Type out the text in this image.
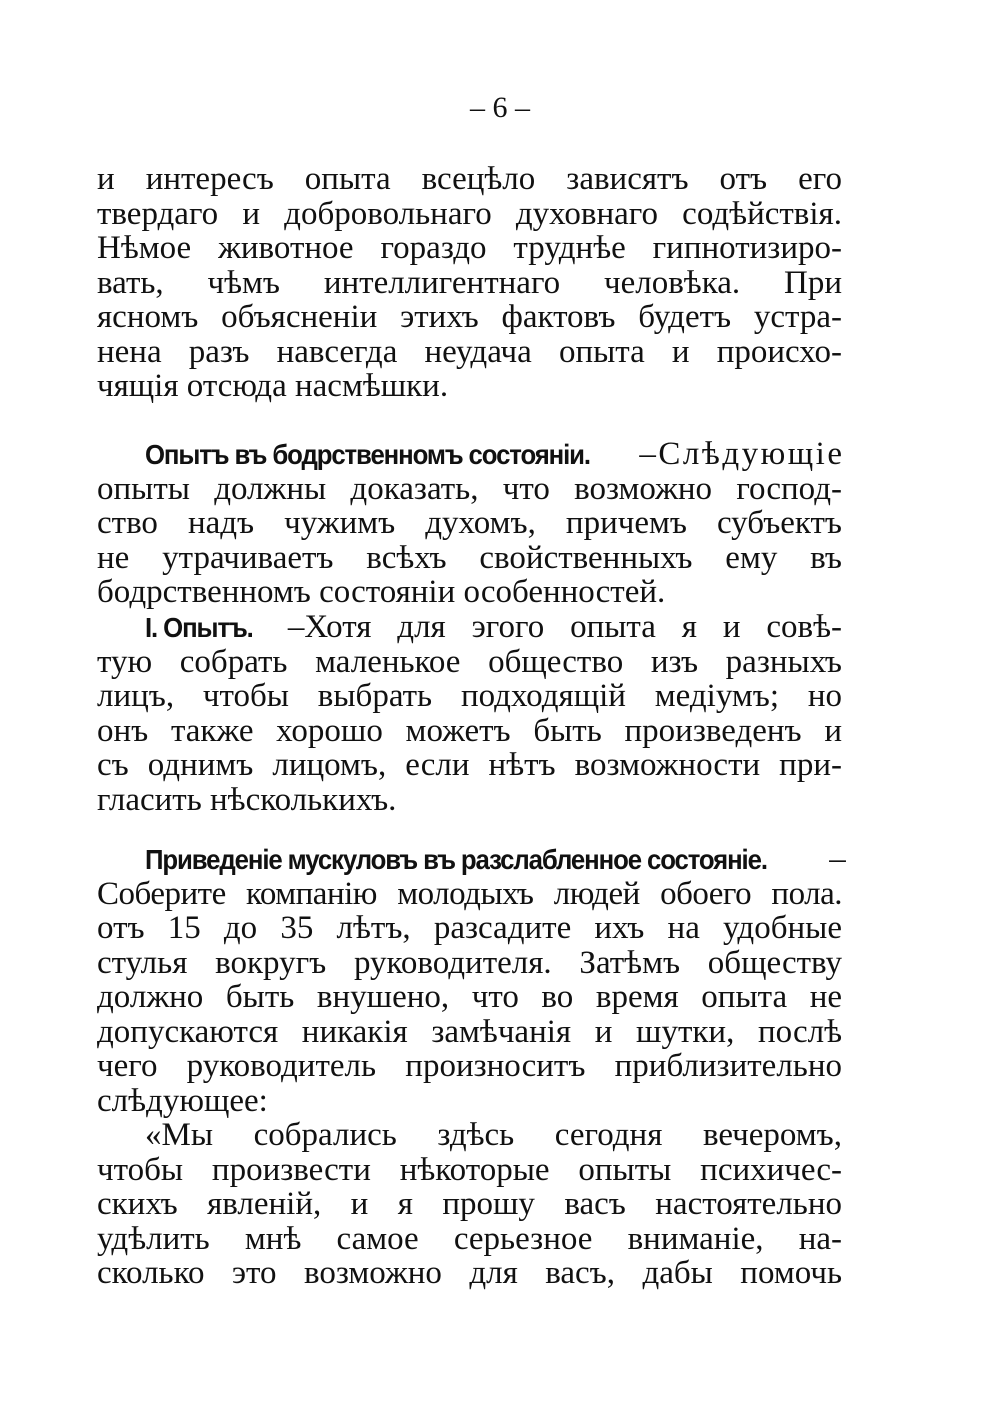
– 6 –
и интересъ опыта всецѣло зависятъ отъ его
твердаго и добровольнаго духовнаго содѣйствія.
Нѣмое животное гораздо труднѣе гипнотизиро-
вать, чѣмъ интеллигентнаго человѣка. При
ясномъ объясненіи этихъ фактовъ будетъ устра-
нена разъ навсегда неудача опыта и происхо-
чящія отсюда насмѣшки.
Опытъ въ бодрственномъ состояніи. –Слѣдующіе
опыты должны доказать, что возможно господ-
ство надъ чужимъ духомъ, причемъ субъектъ
не утрачиваетъ всѣхъ свойственныхъ ему въ
бодрственномъ состояніи особенностей.
I. Опытъ. –Хотя для эгого опыта я и совѣ-
тую собрать маленькое общество изъ разныхъ
лицъ, чтобы выбрать подходящій медіумъ; но
онъ также хорошо можетъ быть произведенъ и
съ однимъ лицомъ, если нѣтъ возможности при-
гласить нѣсколькихъ.
Приведеніе мускуловъ въ разслабленное состояніе. –
Соберите компанію молодыхъ людей обоего пола.
отъ 15 до 35 лѣтъ, разсадите ихъ на удобные
стулья вокругъ руководителя. Затѣмъ обществу
должно быть внушено, что во время опыта не
допускаются никакія замѣчанія и шутки, послѣ
чего руководитель произноситъ приблизительно
слѣдующее:
«Мы собрались здѣсь сегодня вечеромъ,
чтобы произвести нѣкоторые опыты психичес-
скихъ явленій, и я прошу васъ настоятельно
удѣлить мнѣ самое серьезное вниманіе, на-
сколько это возможно для васъ, дабы помочь
